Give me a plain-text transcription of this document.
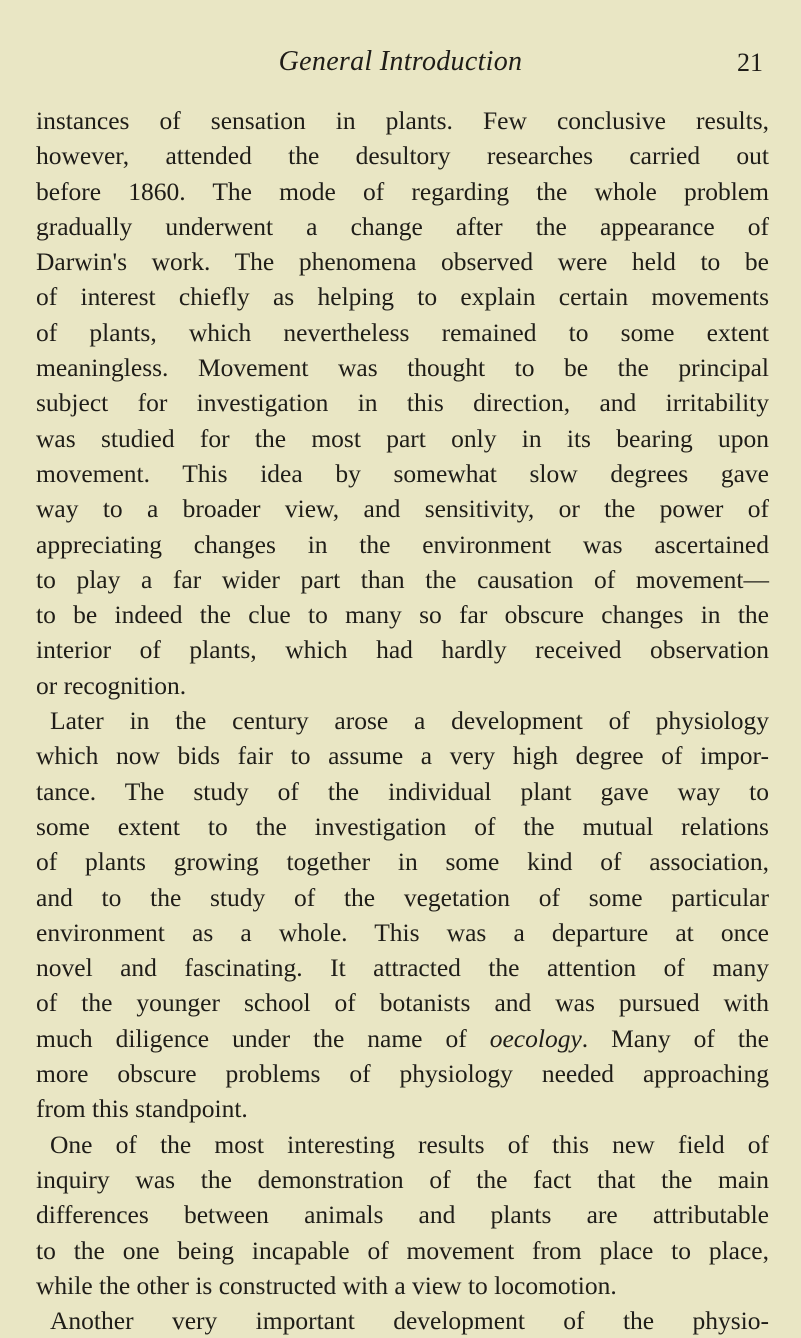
General Introduction	21
instances of sensation in plants. Few conclusive results,
however, attended the desultory researches carried out
before 1860. The mode of regarding the whole problem
gradually underwent a change after the appearance of
Darwin's work. The phenomena observed were held to be
of interest chiefly as helping to explain certain movements
of plants, which nevertheless remained to some extent
meaningless. Movement was thought to be the principal
subject for investigation in this direction, and irritability
was studied for the most part only in its bearing upon
movement. This idea by somewhat slow degrees gave
way to a broader view, and sensitivity, or the power of
appreciating changes in the environment was ascertained
to play a far wider part than the causation of movement—
to be indeed the clue to many so far obscure changes in the
interior of plants, which had hardly received observation
or recognition.
Later in the century arose a development of physiology
which now bids fair to assume a very high degree of impor-
tance. The study of the individual plant gave way to
some extent to the investigation of the mutual relations
of plants growing together in some kind of association,
and to the study of the vegetation of some particular
environment as a whole. This was a departure at once
novel and fascinating. It attracted the attention of many
of the younger school of botanists and was pursued with
much diligence under the name of oecology. Many of the
more obscure problems of physiology needed approaching
from this standpoint.
One of the most interesting results of this new field of
inquiry was the demonstration of the fact that the main
differences between animals and plants are attributable
to the one being incapable of movement from place to place,
while the other is constructed with a view to locomotion.
Another very important development of the physio-
